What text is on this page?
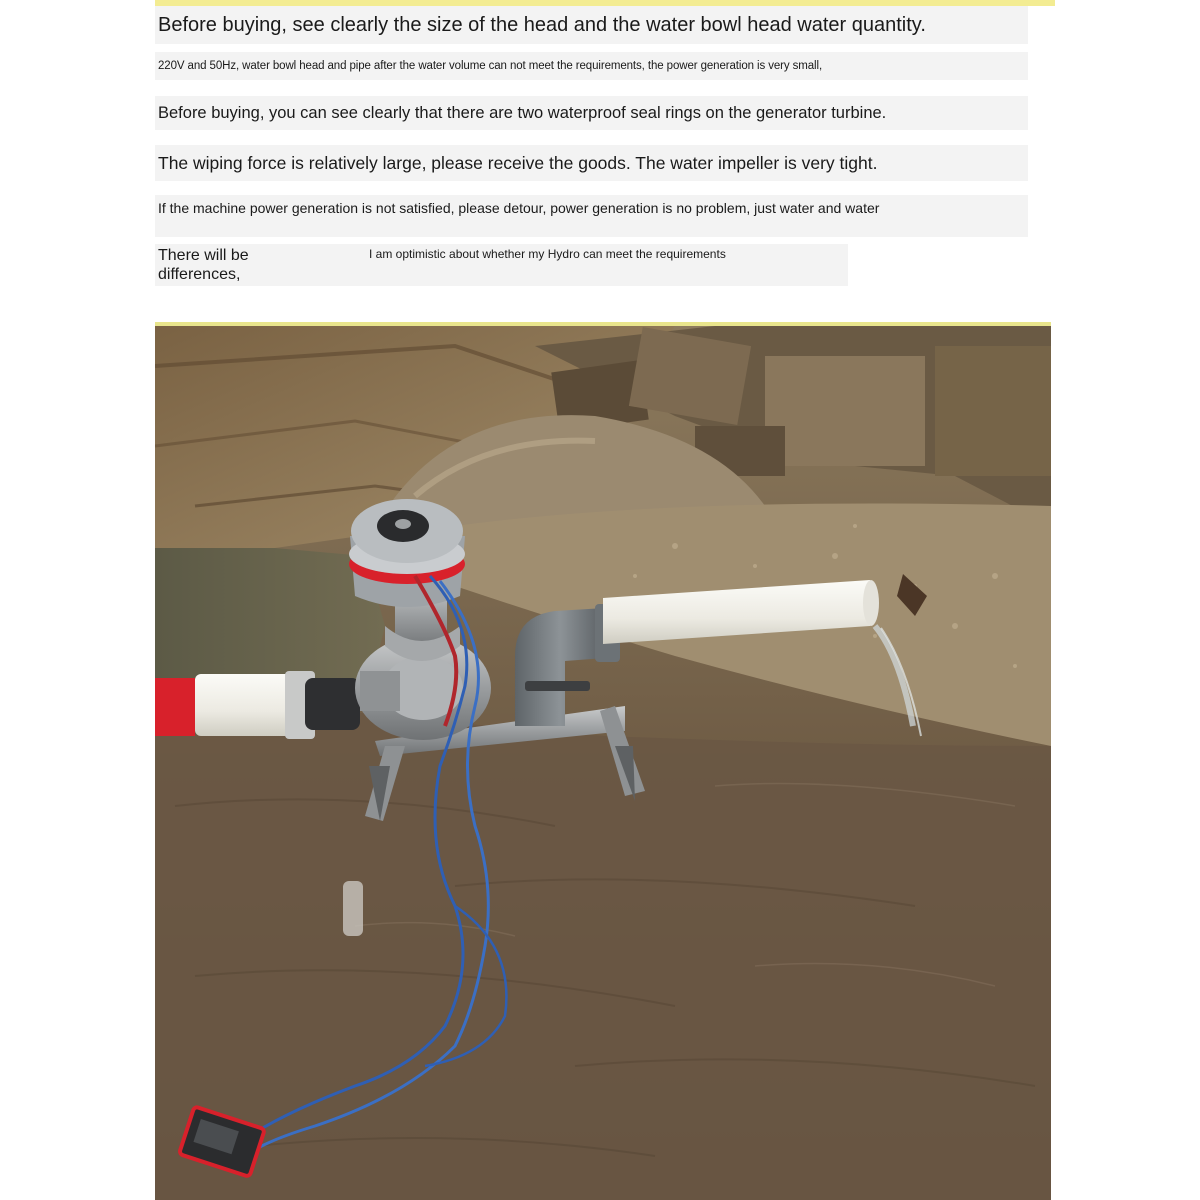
Before buying, see clearly the size of the head and the water bowl head water quantity.
220V and 50Hz, water bowl head and pipe after the water volume can not meet the requirements, the power generation is very small,
Before buying, you can see clearly that there are two waterproof seal rings on the generator turbine.
The wiping force is relatively large, please receive the goods. The water impeller is very tight.
If the machine power generation is not satisfied, please detour, power generation is no problem, just water and water
There will be differences,
I am optimistic about whether my Hydro can meet the requirements
